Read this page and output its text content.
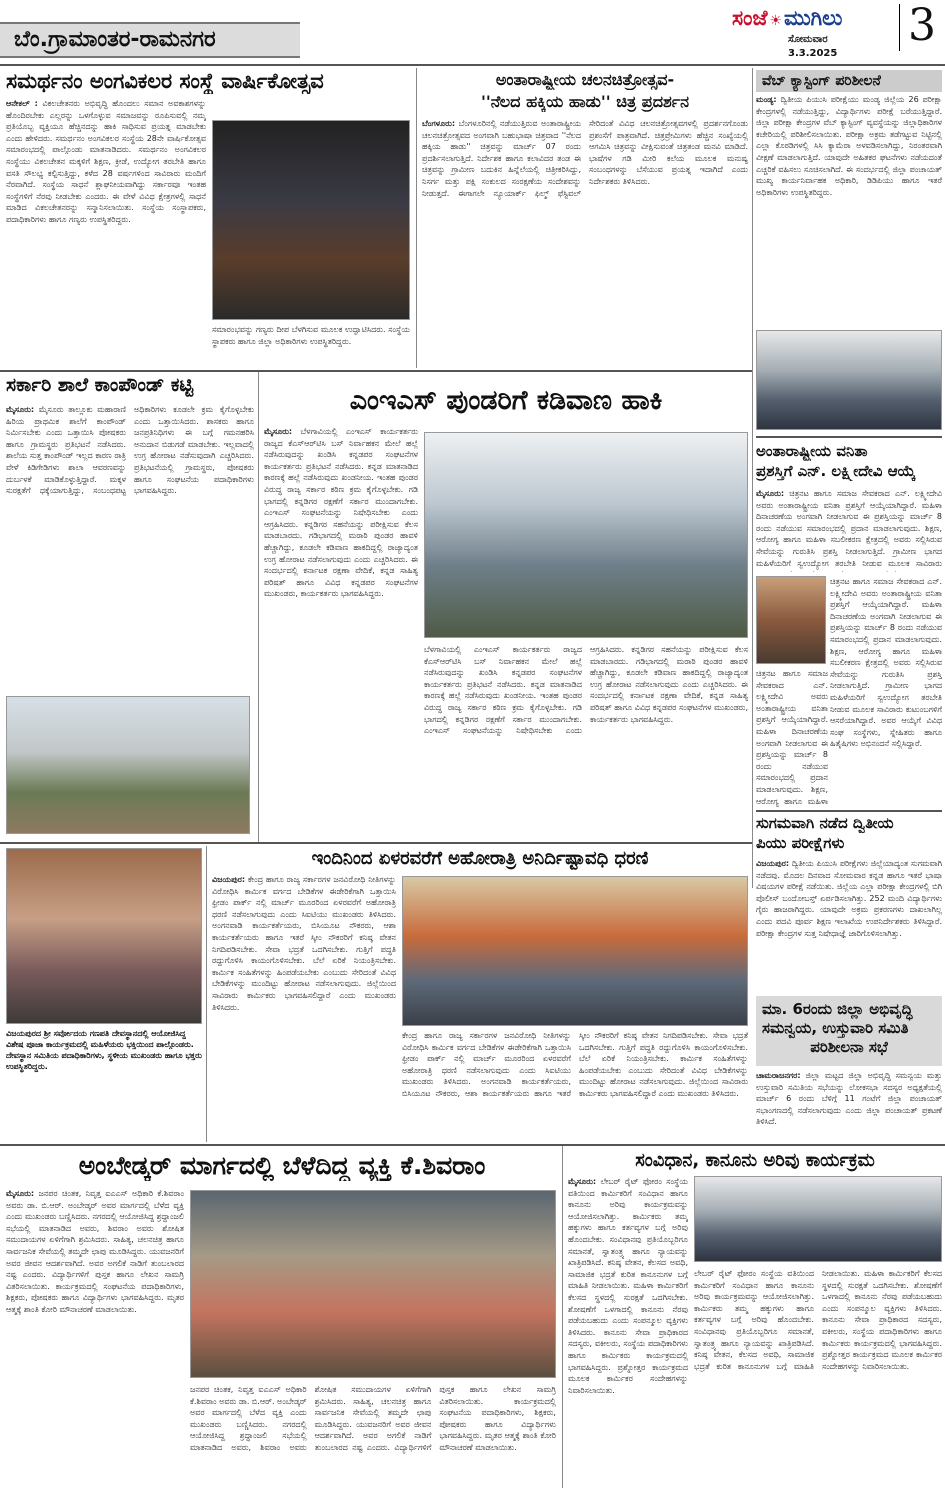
ಬೆಂ.ಗ್ರಾಮಾಂತರ-ರಾಮನಗರ
ಸಂಜೆ ☀ಮುಗಿಲು
ಸೋಮವಾರ
3.3.2025
3
ಸಮರ್ಥನಂ ಅಂಗವಿಕಲರ ಸಂಸ್ಥೆ ವಾರ್ಷಿಕೋತ್ಸವ
ಆನೇಕಲ್ : ವಿಕಲಚೇತನರು ಅಭಿವೃದ್ಧಿ ಹೊಂದಲು ಸಮಾನ ಅವಕಾಶಗಳನ್ನು ಹೊಂದಿರಬೇಕು ಎಲ್ಲರನ್ನು ಒಳಗೊಳ್ಳುವ ಸಮಾಜವನ್ನು ರೂಪಿಸುವಲ್ಲಿ ನಮ್ಮ ಪ್ರತಿಯೊಬ್ಬ ವ್ಯಕ್ತಿಯೂ ಹೆಚ್ಚಿನದನ್ನು ಹಾಕಿ ಸಾಧಿಸುವ ಪ್ರಯತ್ನ ಮಾಡಬೇಕು ಎಂದು ಹೇಳಿದರು. ಸಮರ್ಥನಂ ಅಂಗವಿಕಲರ ಸಂಸ್ಥೆಯ 28ನೇ ವಾರ್ಷಿಕೋತ್ಸವ ಸಮಾರಂಭದಲ್ಲಿ ಪಾಲ್ಗೊಂಡು ಮಾತನಾಡಿದರು. ಸಮರ್ಥನಂ ಅಂಗವಿಕಲರ ಸಂಸ್ಥೆಯು ವಿಕಲಚೇತನ ಮಕ್ಕಳಿಗೆ ಶಿಕ್ಷಣ, ಕ್ರೀಡೆ, ಉದ್ಯೋಗ ತರಬೇತಿ ಹಾಗೂ ವಸತಿ ಸೌಲಭ್ಯ ಕಲ್ಪಿಸುತ್ತಿದ್ದು, ಕಳೆದ 28 ವರ್ಷಗಳಿಂದ ಸಾವಿರಾರು ಮಂದಿಗೆ ನೆರವಾಗಿದೆ. ಸಂಸ್ಥೆಯ ಸಾಧನೆ ಶ್ಲಾಘನೀಯವಾಗಿದ್ದು ಸರ್ಕಾರವೂ ಇಂತಹ ಸಂಸ್ಥೆಗಳಿಗೆ ನೆರವು ನೀಡಬೇಕು ಎಂದರು. ಈ ವೇಳೆ ವಿವಿಧ ಕ್ಷೇತ್ರಗಳಲ್ಲಿ ಸಾಧನೆ ಮಾಡಿದ ವಿಕಲಚೇತನರನ್ನು ಸನ್ಮಾನಿಸಲಾಯಿತು. ಸಂಸ್ಥೆಯ ಸಂಸ್ಥಾಪಕರು, ಪದಾಧಿಕಾರಿಗಳು ಹಾಗೂ ಗಣ್ಯರು ಉಪಸ್ಥಿತರಿದ್ದರು.
ಸಮಾರಂಭವನ್ನು ಗಣ್ಯರು ದೀಪ ಬೆಳಗಿಸುವ ಮೂಲಕ ಉದ್ಘಾಟಿಸಿದರು. ಸಂಸ್ಥೆಯ ಸ್ಥಾಪಕರು ಹಾಗೂ ಜಿಲ್ಲಾ ಅಧಿಕಾರಿಗಳು ಉಪಸ್ಥಿತರಿದ್ದರು.
ಅಂತಾರಾಷ್ಟ್ರೀಯ ಚಲನಚಿತ್ರೋತ್ಸವ-
''ನೆಲದ ಹಕ್ಕಿಯ ಹಾಡು'' ಚಿತ್ರ ಪ್ರದರ್ಶನ
ಬೆಂಗಳೂರು: ಬೆಂಗಳೂರಿನಲ್ಲಿ ನಡೆಯುತ್ತಿರುವ ಅಂತಾರಾಷ್ಟ್ರೀಯ ಚಲನಚಿತ್ರೋತ್ಸವದ ಅಂಗವಾಗಿ ಬಹುಭಾಷಾ ಚಿತ್ರವಾದ ''ನೆಲದ ಹಕ್ಕಿಯ ಹಾಡು'' ಚಿತ್ರವನ್ನು ಮಾರ್ಚ್ 07 ರಂದು ಪ್ರದರ್ಶಿಸಲಾಗುತ್ತಿದೆ. ನಿರ್ದೇಶಕ ಹಾಗೂ ಕಲಾವಿದರ ತಂಡ ಈ ಚಿತ್ರವನ್ನು ಗ್ರಾಮೀಣ ಬದುಕಿನ ಹಿನ್ನೆಲೆಯಲ್ಲಿ ಚಿತ್ರೀಕರಿಸಿದ್ದು, ನಿಸರ್ಗ ಮತ್ತು ಪಕ್ಷಿ ಸಂಕುಲದ ಸಂರಕ್ಷಣೆಯ ಸಂದೇಶವನ್ನು ನೀಡುತ್ತದೆ. ಈಗಾಗಲೇ ನ್ಯೂಯಾರ್ಕ್ ಫಿಲ್ಮ್ ಫೆಸ್ಟಿವಲ್ ಸೇರಿದಂತೆ ವಿವಿಧ ಚಲನಚಿತ್ರೋತ್ಸವಗಳಲ್ಲಿ ಪ್ರದರ್ಶನಗೊಂಡು ಪ್ರಶಂಸೆಗೆ ಪಾತ್ರವಾಗಿದೆ. ಚಿತ್ರಪ್ರೇಮಿಗಳು ಹೆಚ್ಚಿನ ಸಂಖ್ಯೆಯಲ್ಲಿ ಆಗಮಿಸಿ ಚಿತ್ರವನ್ನು ವೀಕ್ಷಿಸುವಂತೆ ಚಿತ್ರತಂಡ ಮನವಿ ಮಾಡಿದೆ. ಭಾಷೆಗಳ ಗಡಿ ಮೀರಿ ಕಲೆಯ ಮೂಲಕ ಮನುಷ್ಯ ಸಂಬಂಧಗಳನ್ನು ಬೆಸೆಯುವ ಪ್ರಯತ್ನ ಇದಾಗಿದೆ ಎಂದು ನಿರ್ದೇಶಕರು ತಿಳಿಸಿದರು.
ವೆಬ್ ಕ್ಯಾಸ್ಟಿಂಗ್ ಪರಿಶೀಲನೆ
ಮಂಡ್ಯ: ದ್ವಿತೀಯ ಪಿಯುಸಿ ಪರೀಕ್ಷೆಯು ಮಂಡ್ಯ ಜಿಲ್ಲೆಯ 26 ಪರೀಕ್ಷಾ ಕೇಂದ್ರಗಳಲ್ಲಿ ನಡೆಯುತ್ತಿದ್ದು, ವಿದ್ಯಾರ್ಥಿಗಳು ಪರೀಕ್ಷೆ ಬರೆಯುತ್ತಿದ್ದಾರೆ. ಜಿಲ್ಲಾ ಪರೀಕ್ಷಾ ಕೇಂದ್ರಗಳ ವೆಬ್ ಕ್ಯಾಸ್ಟಿಂಗ್ ವ್ಯವಸ್ಥೆಯನ್ನು ಜಿಲ್ಲಾಧಿಕಾರಿಗಳ ಕಚೇರಿಯಲ್ಲಿ ಪರಿಶೀಲಿಸಲಾಯಿತು. ಪರೀಕ್ಷಾ ಅಕ್ರಮ ತಡೆಗಟ್ಟುವ ನಿಟ್ಟಿನಲ್ಲಿ ಎಲ್ಲಾ ಕೊಠಡಿಗಳಲ್ಲಿ ಸಿಸಿ ಕ್ಯಾಮೆರಾ ಅಳವಡಿಸಲಾಗಿದ್ದು, ನಿರಂತರವಾಗಿ ವೀಕ್ಷಣೆ ಮಾಡಲಾಗುತ್ತಿದೆ. ಯಾವುದೇ ಅಹಿತಕರ ಘಟನೆಗಳು ನಡೆಯದಂತೆ ಎಚ್ಚರಿಕೆ ವಹಿಸಲು ಸೂಚಿಸಲಾಗಿದೆ. ಈ ಸಂದರ್ಭದಲ್ಲಿ ಜಿಲ್ಲಾ ಪಂಚಾಯತ್ ಮುಖ್ಯ ಕಾರ್ಯನಿರ್ವಾಹಕ ಅಧಿಕಾರಿ, ಡಿಡಿಪಿಯು ಹಾಗೂ ಇತರೆ ಅಧಿಕಾರಿಗಳು ಉಪಸ್ಥಿತರಿದ್ದರು.
ಸರ್ಕಾರಿ ಶಾಲೆ ಕಾಂಪೌಂಡ್ ಕಟ್ಟಿ
ಮೈಸೂರು: ಮೈಸೂರು ತಾಲ್ಲೂಕು ಮಹಾರಾಣಿ ಹಿರಿಯ ಪ್ರಾಥಮಿಕ ಶಾಲೆಗೆ ಕಾಂಪೌಂಡ್ ನಿರ್ಮಿಸಬೇಕು ಎಂದು ಒತ್ತಾಯಿಸಿ ಪೋಷಕರು ಹಾಗೂ ಗ್ರಾಮಸ್ಥರು ಪ್ರತಿಭಟನೆ ನಡೆಸಿದರು. ಶಾಲೆಯ ಸುತ್ತ ಕಾಂಪೌಂಡ್ ಇಲ್ಲದ ಕಾರಣ ರಾತ್ರಿ ವೇಳೆ ಕಿಡಿಗೇಡಿಗಳು ಶಾಲಾ ಆವರಣವನ್ನು ದುರ್ಬಳಕೆ ಮಾಡಿಕೊಳ್ಳುತ್ತಿದ್ದಾರೆ. ಮಕ್ಕಳ ಸುರಕ್ಷತೆಗೆ ಧಕ್ಕೆಯಾಗುತ್ತಿದ್ದು, ಸಂಬಂಧಪಟ್ಟ ಅಧಿಕಾರಿಗಳು ಕೂಡಲೇ ಕ್ರಮ ಕೈಗೊಳ್ಳಬೇಕು ಎಂದು ಒತ್ತಾಯಿಸಿದರು. ಶಾಸಕರು ಹಾಗೂ ಜನಪ್ರತಿನಿಧಿಗಳು ಈ ಬಗ್ಗೆ ಗಮನಹರಿಸಿ ಅನುದಾನ ಬಿಡುಗಡೆ ಮಾಡಬೇಕು. ಇಲ್ಲವಾದಲ್ಲಿ ಉಗ್ರ ಹೋರಾಟ ನಡೆಸುವುದಾಗಿ ಎಚ್ಚರಿಸಿದರು. ಪ್ರತಿಭಟನೆಯಲ್ಲಿ ಗ್ರಾಮಸ್ಥರು, ಪೋಷಕರು ಹಾಗೂ ಸಂಘಟನೆಯ ಪದಾಧಿಕಾರಿಗಳು ಭಾಗವಹಿಸಿದ್ದರು.
ಎಂಇಎಸ್ ಪುಂಡರಿಗೆ ಕಡಿವಾಣ ಹಾಕಿ
ಮೈಸೂರು: ಬೆಳಗಾವಿಯಲ್ಲಿ ಎಂಇಎಸ್ ಕಾರ್ಯಕರ್ತರು ರಾಜ್ಯದ ಕೆಎಸ್‌ಆರ್‌ಟಿಸಿ ಬಸ್ ನಿರ್ವಾಹಕನ ಮೇಲೆ ಹಲ್ಲೆ ನಡೆಸಿರುವುದನ್ನು ಖಂಡಿಸಿ ಕನ್ನಡಪರ ಸಂಘಟನೆಗಳ ಕಾರ್ಯಕರ್ತರು ಪ್ರತಿಭಟನೆ ನಡೆಸಿದರು. ಕನ್ನಡ ಮಾತನಾಡಿದ ಕಾರಣಕ್ಕೆ ಹಲ್ಲೆ ನಡೆಸಿರುವುದು ಖಂಡನೀಯ. ಇಂತಹ ಪುಂಡರ ವಿರುದ್ಧ ರಾಜ್ಯ ಸರ್ಕಾರ ಕಠಿಣ ಕ್ರಮ ಕೈಗೊಳ್ಳಬೇಕು. ಗಡಿ ಭಾಗದಲ್ಲಿ ಕನ್ನಡಿಗರ ರಕ್ಷಣೆಗೆ ಸರ್ಕಾರ ಮುಂದಾಗಬೇಕು. ಎಂಇಎಸ್ ಸಂಘಟನೆಯನ್ನು ನಿಷೇಧಿಸಬೇಕು ಎಂದು ಆಗ್ರಹಿಸಿದರು. ಕನ್ನಡಿಗರ ಸಹನೆಯನ್ನು ಪರೀಕ್ಷಿಸುವ ಕೆಲಸ ಮಾಡಬಾರದು. ಗಡಿಭಾಗದಲ್ಲಿ ಮರಾಠಿ ಪುಂಡರ ಹಾವಳಿ ಹೆಚ್ಚಾಗಿದ್ದು, ಕೂಡಲೇ ಕಡಿವಾಣ ಹಾಕದಿದ್ದಲ್ಲಿ ರಾಜ್ಯಾದ್ಯಂತ ಉಗ್ರ ಹೋರಾಟ ನಡೆಸಲಾಗುವುದು ಎಂದು ಎಚ್ಚರಿಸಿದರು. ಈ ಸಂದರ್ಭದಲ್ಲಿ ಕರ್ನಾಟಕ ರಕ್ಷಣಾ ವೇದಿಕೆ, ಕನ್ನಡ ಸಾಹಿತ್ಯ ಪರಿಷತ್ ಹಾಗೂ ವಿವಿಧ ಕನ್ನಡಪರ ಸಂಘಟನೆಗಳ ಮುಖಂಡರು, ಕಾರ್ಯಕರ್ತರು ಭಾಗವಹಿಸಿದ್ದರು.
ಬೆಳಗಾವಿಯಲ್ಲಿ ಎಂಇಎಸ್ ಕಾರ್ಯಕರ್ತರು ರಾಜ್ಯದ ಕೆಎಸ್‌ಆರ್‌ಟಿಸಿ ಬಸ್ ನಿರ್ವಾಹಕನ ಮೇಲೆ ಹಲ್ಲೆ ನಡೆಸಿರುವುದನ್ನು ಖಂಡಿಸಿ ಕನ್ನಡಪರ ಸಂಘಟನೆಗಳ ಕಾರ್ಯಕರ್ತರು ಪ್ರತಿಭಟನೆ ನಡೆಸಿದರು. ಕನ್ನಡ ಮಾತನಾಡಿದ ಕಾರಣಕ್ಕೆ ಹಲ್ಲೆ ನಡೆಸಿರುವುದು ಖಂಡನೀಯ. ಇಂತಹ ಪುಂಡರ ವಿರುದ್ಧ ರಾಜ್ಯ ಸರ್ಕಾರ ಕಠಿಣ ಕ್ರಮ ಕೈಗೊಳ್ಳಬೇಕು. ಗಡಿ ಭಾಗದಲ್ಲಿ ಕನ್ನಡಿಗರ ರಕ್ಷಣೆಗೆ ಸರ್ಕಾರ ಮುಂದಾಗಬೇಕು. ಎಂಇಎಸ್ ಸಂಘಟನೆಯನ್ನು ನಿಷೇಧಿಸಬೇಕು ಎಂದು ಆಗ್ರಹಿಸಿದರು. ಕನ್ನಡಿಗರ ಸಹನೆಯನ್ನು ಪರೀಕ್ಷಿಸುವ ಕೆಲಸ ಮಾಡಬಾರದು. ಗಡಿಭಾಗದಲ್ಲಿ ಮರಾಠಿ ಪುಂಡರ ಹಾವಳಿ ಹೆಚ್ಚಾಗಿದ್ದು, ಕೂಡಲೇ ಕಡಿವಾಣ ಹಾಕದಿದ್ದಲ್ಲಿ ರಾಜ್ಯಾದ್ಯಂತ ಉಗ್ರ ಹೋರಾಟ ನಡೆಸಲಾಗುವುದು ಎಂದು ಎಚ್ಚರಿಸಿದರು. ಈ ಸಂದರ್ಭದಲ್ಲಿ ಕರ್ನಾಟಕ ರಕ್ಷಣಾ ವೇದಿಕೆ, ಕನ್ನಡ ಸಾಹಿತ್ಯ ಪರಿಷತ್ ಹಾಗೂ ವಿವಿಧ ಕನ್ನಡಪರ ಸಂಘಟನೆಗಳ ಮುಖಂಡರು, ಕಾರ್ಯಕರ್ತರು ಭಾಗವಹಿಸಿದ್ದರು.
ಅಂತಾರಾಷ್ಟ್ರೀಯ ವನಿತಾ
ಪ್ರಶಸ್ತಿಗೆ ಎನ್. ಲಕ್ಷ್ಮೀದೇವಿ ಆಯ್ಕೆ
ಮೈಸೂರು: ಚಿತ್ರನಟ ಹಾಗೂ ಸಮಾಜ ಸೇವಕರಾದ ಎನ್. ಲಕ್ಷ್ಮೀದೇವಿ ಅವರು ಅಂತಾರಾಷ್ಟ್ರೀಯ ವನಿತಾ ಪ್ರಶಸ್ತಿಗೆ ಆಯ್ಕೆಯಾಗಿದ್ದಾರೆ. ಮಹಿಳಾ ದಿನಾಚರಣೆಯ ಅಂಗವಾಗಿ ನೀಡಲಾಗುವ ಈ ಪ್ರಶಸ್ತಿಯನ್ನು ಮಾರ್ಚ್ 8 ರಂದು ನಡೆಯುವ ಸಮಾರಂಭದಲ್ಲಿ ಪ್ರದಾನ ಮಾಡಲಾಗುವುದು. ಶಿಕ್ಷಣ, ಆರೋಗ್ಯ ಹಾಗೂ ಮಹಿಳಾ ಸಬಲೀಕರಣ ಕ್ಷೇತ್ರದಲ್ಲಿ ಅವರು ಸಲ್ಲಿಸಿರುವ ಸೇವೆಯನ್ನು ಗುರುತಿಸಿ ಪ್ರಶಸ್ತಿ ನೀಡಲಾಗುತ್ತಿದೆ. ಗ್ರಾಮೀಣ ಭಾಗದ ಮಹಿಳೆಯರಿಗೆ ಸ್ವಉದ್ಯೋಗ ತರಬೇತಿ ನೀಡುವ ಮೂಲಕ ಸಾವಿರಾರು
ಚಿತ್ರನಟ ಹಾಗೂ ಸಮಾಜ ಸೇವಕರಾದ ಎನ್. ಲಕ್ಷ್ಮೀದೇವಿ ಅವರು ಅಂತಾರಾಷ್ಟ್ರೀಯ ವನಿತಾ ಪ್ರಶಸ್ತಿಗೆ ಆಯ್ಕೆಯಾಗಿದ್ದಾರೆ. ಮಹಿಳಾ ದಿನಾಚರಣೆಯ ಅಂಗವಾಗಿ ನೀಡಲಾಗುವ ಈ ಪ್ರಶಸ್ತಿಯನ್ನು ಮಾರ್ಚ್ 8 ರಂದು ನಡೆಯುವ ಸಮಾರಂಭದಲ್ಲಿ ಪ್ರದಾನ ಮಾಡಲಾಗುವುದು. ಶಿಕ್ಷಣ, ಆರೋಗ್ಯ ಹಾಗೂ ಮಹಿಳಾ ಸಬಲೀಕರಣ ಕ್ಷೇತ್ರದಲ್ಲಿ ಅವರು ಸಲ್ಲಿಸಿರುವ ಸೇವೆಯನ್ನು ಗುರುತಿಸಿ ಪ್ರಶಸ್ತಿ ನೀಡಲಾಗುತ್ತಿದೆ. ಗ್ರಾಮೀಣ ಭಾಗದ ಮಹಿಳೆಯರಿಗೆ ಸ್ವಉದ್ಯೋಗ ತರಬೇತಿ ನೀಡುವ ಮೂಲಕ ಸಾವಿರಾರು ಕುಟುಂಬಗಳಿಗೆ ಆಸರೆಯಾಗಿದ್ದಾರೆ. ಅವರ ಆಯ್ಕೆಗೆ ವಿವಿಧ ಸಂಘ ಸಂಸ್ಥೆಗಳು, ಸ್ನೇಹಿತರು ಹಾಗೂ ಹಿತೈಷಿಗಳು ಅಭಿನಂದನೆ ಸಲ್ಲಿಸಿದ್ದಾರೆ.
ಚಿತ್ರನಟ ಹಾಗೂ ಸಮಾಜ ಸೇವಕರಾದ ಎನ್. ಲಕ್ಷ್ಮೀದೇವಿ ಅವರು ಅಂತಾರಾಷ್ಟ್ರೀಯ ವನಿತಾ ಪ್ರಶಸ್ತಿಗೆ ಆಯ್ಕೆಯಾಗಿದ್ದಾರೆ. ಮಹಿಳಾ ದಿನಾಚರಣೆಯ ಅಂಗವಾಗಿ ನೀಡಲಾಗುವ ಈ ಪ್ರಶಸ್ತಿಯನ್ನು ಮಾರ್ಚ್ 8 ರಂದು ನಡೆಯುವ ಸಮಾರಂಭದಲ್ಲಿ ಪ್ರದಾನ ಮಾಡಲಾಗುವುದು. ಶಿಕ್ಷಣ, ಆರೋಗ್ಯ ಹಾಗೂ ಮಹಿಳಾ
ಸುಗಮವಾಗಿ ನಡೆದ ದ್ವಿತೀಯ
ಪಿಯು ಪರೀಕ್ಷೆಗಳು
ವಿಜಯಪುರ: ದ್ವಿತೀಯ ಪಿಯುಸಿ ಪರೀಕ್ಷೆಗಳು ಜಿಲ್ಲೆಯಾದ್ಯಂತ ಸುಗಮವಾಗಿ ನಡೆದವು. ಮೊದಲ ದಿನವಾದ ಸೋಮವಾರ ಕನ್ನಡ ಹಾಗೂ ಇತರೆ ಭಾಷಾ ವಿಷಯಗಳ ಪರೀಕ್ಷೆ ನಡೆಯಿತು. ಜಿಲ್ಲೆಯ ಎಲ್ಲಾ ಪರೀಕ್ಷಾ ಕೇಂದ್ರಗಳಲ್ಲಿ ಬಿಗಿ ಪೊಲೀಸ್ ಬಂದೋಬಸ್ತ್ ಏರ್ಪಡಿಸಲಾಗಿತ್ತು. 252 ಮಂದಿ ವಿದ್ಯಾರ್ಥಿಗಳು ಗೈರು ಹಾಜರಾಗಿದ್ದರು. ಯಾವುದೇ ಅಕ್ರಮ ಪ್ರಕರಣಗಳು ದಾಖಲಾಗಿಲ್ಲ ಎಂದು ಪದವಿ ಪೂರ್ವ ಶಿಕ್ಷಣ ಇಲಾಖೆಯ ಉಪನಿರ್ದೇಶಕರು ತಿಳಿಸಿದ್ದಾರೆ. ಪರೀಕ್ಷಾ ಕೇಂದ್ರಗಳ ಸುತ್ತ ನಿಷೇಧಾಜ್ಞೆ ಜಾರಿಗೊಳಿಸಲಾಗಿತ್ತು.
ಮಾ. 6ರಂದು ಜಿಲ್ಲಾ ಅಭಿವೃದ್ಧಿ
ಸಮನ್ವಯ, ಉಸ್ತುವಾರಿ ಸಮಿತಿ
ಪರಿಶೀಲನಾ ಸಭೆ
ಚಾಮರಾಜನಗರ: ಜಿಲ್ಲಾ ಮಟ್ಟದ ಜಿಲ್ಲಾ ಅಭಿವೃದ್ಧಿ ಸಮನ್ವಯ ಮತ್ತು ಉಸ್ತುವಾರಿ ಸಮಿತಿಯ ಸಭೆಯನ್ನು ಲೋಕಸಭಾ ಸದಸ್ಯರ ಅಧ್ಯಕ್ಷತೆಯಲ್ಲಿ ಮಾರ್ಚ್ 6 ರಂದು ಬೆಳಿಗ್ಗೆ 11 ಗಂಟೆಗೆ ಜಿಲ್ಲಾ ಪಂಚಾಯತ್ ಸಭಾಂಗಣದಲ್ಲಿ ನಡೆಸಲಾಗುವುದು ಎಂದು ಜಿಲ್ಲಾ ಪಂಚಾಯತ್ ಪ್ರಕಟಣೆ ತಿಳಿಸಿದೆ.
ವಿಜಯಪುರದ ಶ್ರೀ ಸರ್ವೋದಯ ಗಣಪತಿ ದೇವಸ್ಥಾನದಲ್ಲಿ ಆಯೋಜಿಸಿದ್ದ ವಿಶೇಷ ಪೂಜಾ ಕಾರ್ಯಕ್ರಮದಲ್ಲಿ ಮಹಿಳೆಯರು ಭಕ್ತಿಯಿಂದ ಪಾಲ್ಗೊಂಡರು. ದೇವಸ್ಥಾನ ಸಮಿತಿಯ ಪದಾಧಿಕಾರಿಗಳು, ಸ್ಥಳೀಯ ಮುಖಂಡರು ಹಾಗೂ ಭಕ್ತರು ಉಪಸ್ಥಿತರಿದ್ದರು.
ಇಂದಿನಿಂದ ಏಳರವರೆಗೆ ಅಹೋರಾತ್ರಿ ಅನಿರ್ದಿಷ್ಟಾವಧಿ ಧರಣಿ
ವಿಜಯಪುರ: ಕೇಂದ್ರ ಹಾಗೂ ರಾಜ್ಯ ಸರ್ಕಾರಗಳ ಜನವಿರೋಧಿ ನೀತಿಗಳನ್ನು ವಿರೋಧಿಸಿ ಕಾರ್ಮಿಕ ವರ್ಗದ ಬೇಡಿಕೆಗಳ ಈಡೇರಿಕೆಗಾಗಿ ಒತ್ತಾಯಿಸಿ ಫ್ರೀಡಂ ಪಾರ್ಕ್ ನಲ್ಲಿ ಮಾರ್ಚ್ ಮೂರರಿಂದ ಏಳರವರೆಗೆ ಅಹೋರಾತ್ರಿ ಧರಣಿ ನಡೆಸಲಾಗುವುದು ಎಂದು ಸಿಐಟಿಯು ಮುಖಂಡರು ತಿಳಿಸಿದರು. ಅಂಗನವಾಡಿ ಕಾರ್ಯಕರ್ತೆಯರು, ಬಿಸಿಯೂಟ ನೌಕರರು, ಆಶಾ ಕಾರ್ಯಕರ್ತೆಯರು ಹಾಗೂ ಇತರೆ ಸ್ಕೀಂ ನೌಕರರಿಗೆ ಕನಿಷ್ಠ ವೇತನ ನಿಗದಿಪಡಿಸಬೇಕು. ಸೇವಾ ಭದ್ರತೆ ಒದಗಿಸಬೇಕು. ಗುತ್ತಿಗೆ ಪದ್ಧತಿ ರದ್ದುಗೊಳಿಸಿ ಕಾಯಂಗೊಳಿಸಬೇಕು. ಬೆಲೆ ಏರಿಕೆ ನಿಯಂತ್ರಿಸಬೇಕು. ಕಾರ್ಮಿಕ ಸಂಹಿತೆಗಳನ್ನು ಹಿಂಪಡೆಯಬೇಕು ಎಂಬುದು ಸೇರಿದಂತೆ ವಿವಿಧ ಬೇಡಿಕೆಗಳನ್ನು ಮುಂದಿಟ್ಟು ಹೋರಾಟ ನಡೆಸಲಾಗುವುದು. ಜಿಲ್ಲೆಯಿಂದ ಸಾವಿರಾರು ಕಾರ್ಮಿಕರು ಭಾಗವಹಿಸಲಿದ್ದಾರೆ ಎಂದು ಮುಖಂಡರು ತಿಳಿಸಿದರು.
ಕೇಂದ್ರ ಹಾಗೂ ರಾಜ್ಯ ಸರ್ಕಾರಗಳ ಜನವಿರೋಧಿ ನೀತಿಗಳನ್ನು ವಿರೋಧಿಸಿ ಕಾರ್ಮಿಕ ವರ್ಗದ ಬೇಡಿಕೆಗಳ ಈಡೇರಿಕೆಗಾಗಿ ಒತ್ತಾಯಿಸಿ ಫ್ರೀಡಂ ಪಾರ್ಕ್ ನಲ್ಲಿ ಮಾರ್ಚ್ ಮೂರರಿಂದ ಏಳರವರೆಗೆ ಅಹೋರಾತ್ರಿ ಧರಣಿ ನಡೆಸಲಾಗುವುದು ಎಂದು ಸಿಐಟಿಯು ಮುಖಂಡರು ತಿಳಿಸಿದರು. ಅಂಗನವಾಡಿ ಕಾರ್ಯಕರ್ತೆಯರು, ಬಿಸಿಯೂಟ ನೌಕರರು, ಆಶಾ ಕಾರ್ಯಕರ್ತೆಯರು ಹಾಗೂ ಇತರೆ ಸ್ಕೀಂ ನೌಕರರಿಗೆ ಕನಿಷ್ಠ ವೇತನ ನಿಗದಿಪಡಿಸಬೇಕು. ಸೇವಾ ಭದ್ರತೆ ಒದಗಿಸಬೇಕು. ಗುತ್ತಿಗೆ ಪದ್ಧತಿ ರದ್ದುಗೊಳಿಸಿ ಕಾಯಂಗೊಳಿಸಬೇಕು. ಬೆಲೆ ಏರಿಕೆ ನಿಯಂತ್ರಿಸಬೇಕು. ಕಾರ್ಮಿಕ ಸಂಹಿತೆಗಳನ್ನು ಹಿಂಪಡೆಯಬೇಕು ಎಂಬುದು ಸೇರಿದಂತೆ ವಿವಿಧ ಬೇಡಿಕೆಗಳನ್ನು ಮುಂದಿಟ್ಟು ಹೋರಾಟ ನಡೆಸಲಾಗುವುದು. ಜಿಲ್ಲೆಯಿಂದ ಸಾವಿರಾರು ಕಾರ್ಮಿಕರು ಭಾಗವಹಿಸಲಿದ್ದಾರೆ ಎಂದು ಮುಖಂಡರು ತಿಳಿಸಿದರು.
ಅಂಬೇಡ್ಕರ್ ಮಾರ್ಗದಲ್ಲಿ ಬೆಳೆದಿದ್ದ ವ್ಯಕ್ತಿ ಕೆ.ಶಿವರಾಂ
ಮೈಸೂರು: ಜನಪರ ಚಿಂತಕ, ನಿವೃತ್ತ ಐಎಎಸ್ ಅಧಿಕಾರಿ ಕೆ.ಶಿವರಾಂ ಅವರು ಡಾ. ಬಿ.ಆರ್. ಅಂಬೇಡ್ಕರ್ ಅವರ ಮಾರ್ಗದಲ್ಲಿ ಬೆಳೆದ ವ್ಯಕ್ತಿ ಎಂದು ಮುಖಂಡರು ಬಣ್ಣಿಸಿದರು. ನಗರದಲ್ಲಿ ಆಯೋಜಿಸಿದ್ದ ಶ್ರದ್ಧಾಂಜಲಿ ಸಭೆಯಲ್ಲಿ ಮಾತನಾಡಿದ ಅವರು, ಶಿವರಾಂ ಅವರು ಶೋಷಿತ ಸಮುದಾಯಗಳ ಏಳಿಗೆಗಾಗಿ ಶ್ರಮಿಸಿದರು. ಸಾಹಿತ್ಯ, ಚಲನಚಿತ್ರ ಹಾಗೂ ಸಾರ್ವಜನಿಕ ಸೇವೆಯಲ್ಲಿ ತಮ್ಮದೇ ಛಾಪು ಮೂಡಿಸಿದ್ದರು. ಯುವಜನರಿಗೆ ಅವರ ಜೀವನ ಆದರ್ಶವಾಗಿದೆ. ಅವರ ಅಗಲಿಕೆ ನಾಡಿಗೆ ತುಂಬಲಾರದ ನಷ್ಟ ಎಂದರು. ವಿದ್ಯಾರ್ಥಿಗಳಿಗೆ ಪುಸ್ತಕ ಹಾಗೂ ಲೇಖನ ಸಾಮಗ್ರಿ ವಿತರಿಸಲಾಯಿತು. ಕಾರ್ಯಕ್ರಮದಲ್ಲಿ ಸಂಘಟನೆಯ ಪದಾಧಿಕಾರಿಗಳು, ಶಿಕ್ಷಕರು, ಪೋಷಕರು ಹಾಗೂ ವಿದ್ಯಾರ್ಥಿಗಳು ಭಾಗವಹಿಸಿದ್ದರು. ಮೃತರ ಆತ್ಮಕ್ಕೆ ಶಾಂತಿ ಕೋರಿ ಮೌನಾಚರಣೆ ಮಾಡಲಾಯಿತು.
ಜನಪರ ಚಿಂತಕ, ನಿವೃತ್ತ ಐಎಎಸ್ ಅಧಿಕಾರಿ ಕೆ.ಶಿವರಾಂ ಅವರು ಡಾ. ಬಿ.ಆರ್. ಅಂಬೇಡ್ಕರ್ ಅವರ ಮಾರ್ಗದಲ್ಲಿ ಬೆಳೆದ ವ್ಯಕ್ತಿ ಎಂದು ಮುಖಂಡರು ಬಣ್ಣಿಸಿದರು. ನಗರದಲ್ಲಿ ಆಯೋಜಿಸಿದ್ದ ಶ್ರದ್ಧಾಂಜಲಿ ಸಭೆಯಲ್ಲಿ ಮಾತನಾಡಿದ ಅವರು, ಶಿವರಾಂ ಅವರು ಶೋಷಿತ ಸಮುದಾಯಗಳ ಏಳಿಗೆಗಾಗಿ ಶ್ರಮಿಸಿದರು. ಸಾಹಿತ್ಯ, ಚಲನಚಿತ್ರ ಹಾಗೂ ಸಾರ್ವಜನಿಕ ಸೇವೆಯಲ್ಲಿ ತಮ್ಮದೇ ಛಾಪು ಮೂಡಿಸಿದ್ದರು. ಯುವಜನರಿಗೆ ಅವರ ಜೀವನ ಆದರ್ಶವಾಗಿದೆ. ಅವರ ಅಗಲಿಕೆ ನಾಡಿಗೆ ತುಂಬಲಾರದ ನಷ್ಟ ಎಂದರು. ವಿದ್ಯಾರ್ಥಿಗಳಿಗೆ ಪುಸ್ತಕ ಹಾಗೂ ಲೇಖನ ಸಾಮಗ್ರಿ ವಿತರಿಸಲಾಯಿತು. ಕಾರ್ಯಕ್ರಮದಲ್ಲಿ ಸಂಘಟನೆಯ ಪದಾಧಿಕಾರಿಗಳು, ಶಿಕ್ಷಕರು, ಪೋಷಕರು ಹಾಗೂ ವಿದ್ಯಾರ್ಥಿಗಳು ಭಾಗವಹಿಸಿದ್ದರು. ಮೃತರ ಆತ್ಮಕ್ಕೆ ಶಾಂತಿ ಕೋರಿ ಮೌನಾಚರಣೆ ಮಾಡಲಾಯಿತು.
ಸಂವಿಧಾನ, ಕಾನೂನು ಅರಿವು ಕಾರ್ಯಕ್ರಮ
ಮೈಸೂರು: ಲೇಬರ್ ರೈಟ್ ಫೋರಂ ಸಂಸ್ಥೆಯ ವತಿಯಿಂದ ಕಾರ್ಮಿಕರಿಗೆ ಸಂವಿಧಾನ ಹಾಗೂ ಕಾನೂನು ಅರಿವು ಕಾರ್ಯಕ್ರಮವನ್ನು ಆಯೋಜಿಸಲಾಗಿತ್ತು. ಕಾರ್ಮಿಕರು ತಮ್ಮ ಹಕ್ಕುಗಳು ಹಾಗೂ ಕರ್ತವ್ಯಗಳ ಬಗ್ಗೆ ಅರಿವು ಹೊಂದಬೇಕು. ಸಂವಿಧಾನವು ಪ್ರತಿಯೊಬ್ಬರಿಗೂ ಸಮಾನತೆ, ಸ್ವಾತಂತ್ರ್ಯ ಹಾಗೂ ನ್ಯಾಯವನ್ನು ಖಾತ್ರಿಪಡಿಸಿದೆ. ಕನಿಷ್ಠ ವೇತನ, ಕೆಲಸದ ಅವಧಿ, ಸಾಮಾಜಿಕ ಭದ್ರತೆ ಕುರಿತ ಕಾನೂನುಗಳ ಬಗ್ಗೆ ಮಾಹಿತಿ ನೀಡಲಾಯಿತು. ಮಹಿಳಾ ಕಾರ್ಮಿಕರಿಗೆ ಕೆಲಸದ ಸ್ಥಳದಲ್ಲಿ ಸುರಕ್ಷತೆ ಒದಗಿಸಬೇಕು. ಶೋಷಣೆಗೆ ಒಳಗಾದಲ್ಲಿ ಕಾನೂನು ನೆರವು ಪಡೆಯಬಹುದು ಎಂದು ಸಂಪನ್ಮೂಲ ವ್ಯಕ್ತಿಗಳು ತಿಳಿಸಿದರು. ಕಾನೂನು ಸೇವಾ ಪ್ರಾಧಿಕಾರದ ಸದಸ್ಯರು, ವಕೀಲರು, ಸಂಸ್ಥೆಯ ಪದಾಧಿಕಾರಿಗಳು ಹಾಗೂ ಕಾರ್ಮಿಕರು ಕಾರ್ಯಕ್ರಮದಲ್ಲಿ ಭಾಗವಹಿಸಿದ್ದರು. ಪ್ರಶ್ನೋತ್ತರ ಕಾರ್ಯಕ್ರಮದ ಮೂಲಕ ಕಾರ್ಮಿಕರ ಸಂದೇಹಗಳನ್ನು ನಿವಾರಿಸಲಾಯಿತು.
ಲೇಬರ್ ರೈಟ್ ಫೋರಂ ಸಂಸ್ಥೆಯ ವತಿಯಿಂದ ಕಾರ್ಮಿಕರಿಗೆ ಸಂವಿಧಾನ ಹಾಗೂ ಕಾನೂನು ಅರಿವು ಕಾರ್ಯಕ್ರಮವನ್ನು ಆಯೋಜಿಸಲಾಗಿತ್ತು. ಕಾರ್ಮಿಕರು ತಮ್ಮ ಹಕ್ಕುಗಳು ಹಾಗೂ ಕರ್ತವ್ಯಗಳ ಬಗ್ಗೆ ಅರಿವು ಹೊಂದಬೇಕು. ಸಂವಿಧಾನವು ಪ್ರತಿಯೊಬ್ಬರಿಗೂ ಸಮಾನತೆ, ಸ್ವಾತಂತ್ರ್ಯ ಹಾಗೂ ನ್ಯಾಯವನ್ನು ಖಾತ್ರಿಪಡಿಸಿದೆ. ಕನಿಷ್ಠ ವೇತನ, ಕೆಲಸದ ಅವಧಿ, ಸಾಮಾಜಿಕ ಭದ್ರತೆ ಕುರಿತ ಕಾನೂನುಗಳ ಬಗ್ಗೆ ಮಾಹಿತಿ ನೀಡಲಾಯಿತು. ಮಹಿಳಾ ಕಾರ್ಮಿಕರಿಗೆ ಕೆಲಸದ ಸ್ಥಳದಲ್ಲಿ ಸುರಕ್ಷತೆ ಒದಗಿಸಬೇಕು. ಶೋಷಣೆಗೆ ಒಳಗಾದಲ್ಲಿ ಕಾನೂನು ನೆರವು ಪಡೆಯಬಹುದು ಎಂದು ಸಂಪನ್ಮೂಲ ವ್ಯಕ್ತಿಗಳು ತಿಳಿಸಿದರು. ಕಾನೂನು ಸೇವಾ ಪ್ರಾಧಿಕಾರದ ಸದಸ್ಯರು, ವಕೀಲರು, ಸಂಸ್ಥೆಯ ಪದಾಧಿಕಾರಿಗಳು ಹಾಗೂ ಕಾರ್ಮಿಕರು ಕಾರ್ಯಕ್ರಮದಲ್ಲಿ ಭಾಗವಹಿಸಿದ್ದರು. ಪ್ರಶ್ನೋತ್ತರ ಕಾರ್ಯಕ್ರಮದ ಮೂಲಕ ಕಾರ್ಮಿಕರ ಸಂದೇಹಗಳನ್ನು ನಿವಾರಿಸಲಾಯಿತು.
